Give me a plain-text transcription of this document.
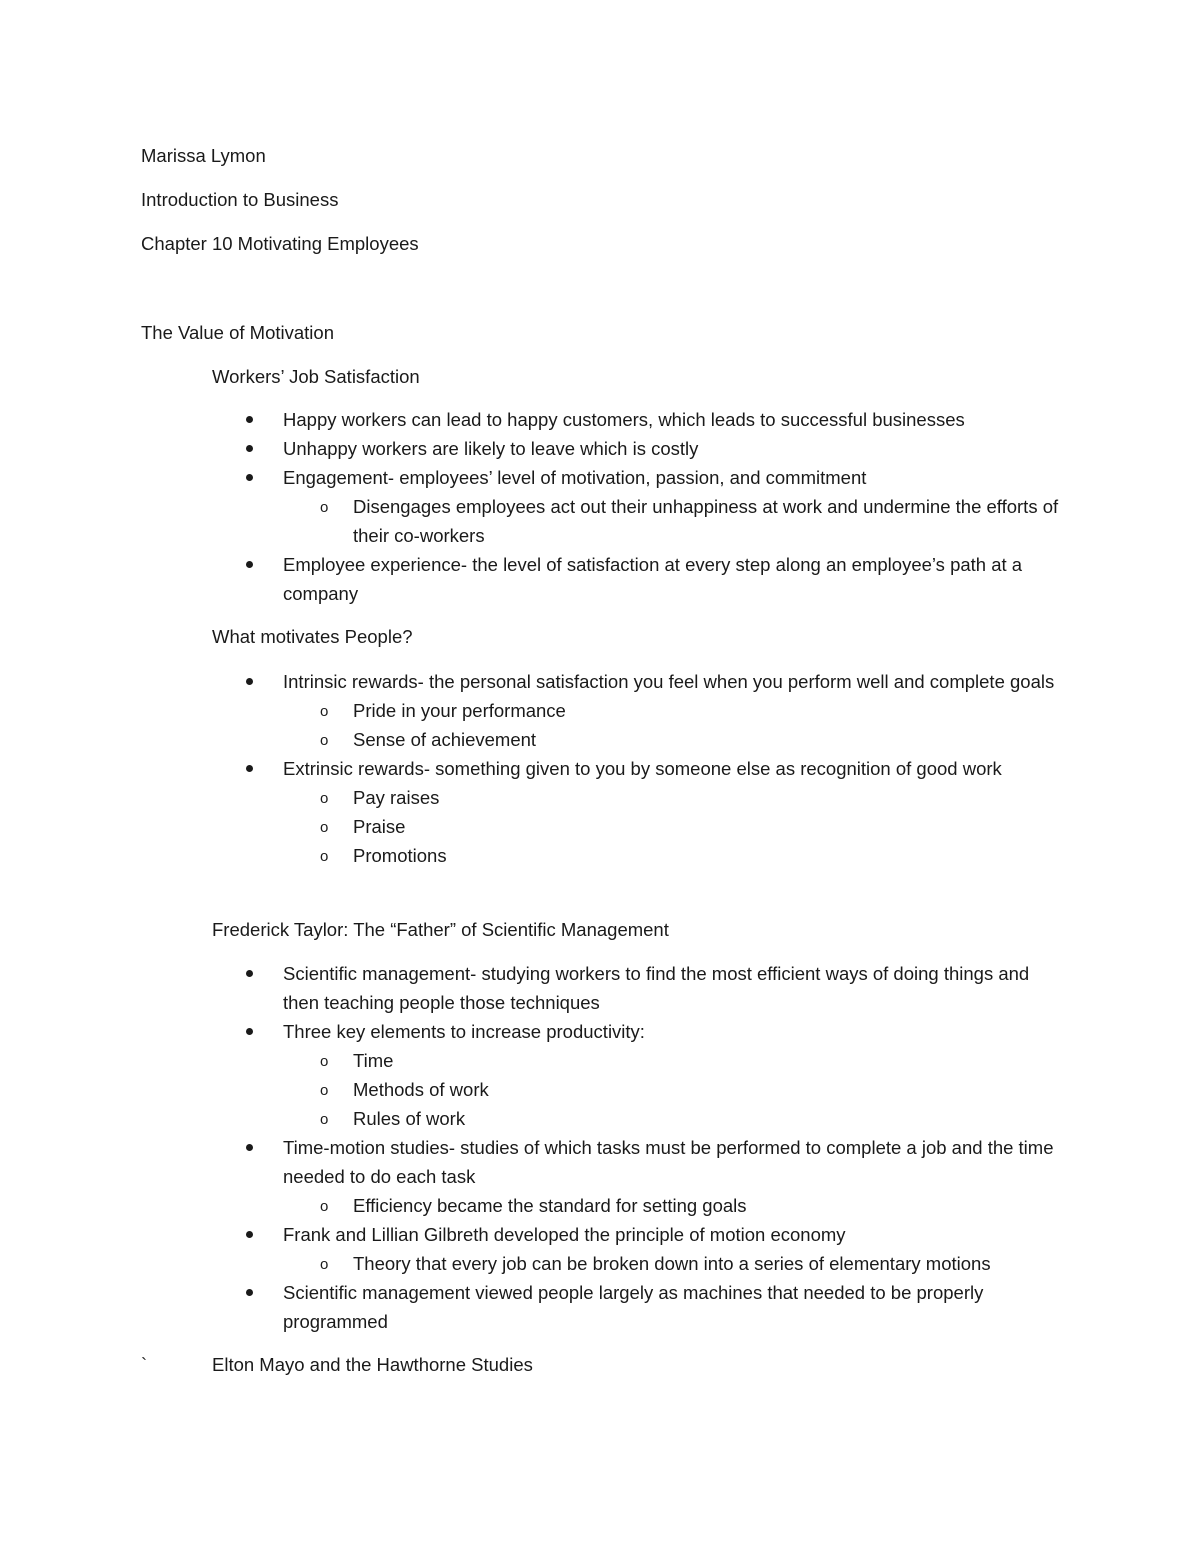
Marissa Lymon
Introduction to Business
Chapter 10 Motivating Employees
The Value of Motivation
Workers’ Job Satisfaction
Happy workers can lead to happy customers, which leads to successful businesses
Unhappy workers are likely to leave which is costly
Engagement- employees’ level of motivation, passion, and commitment
o Disengages employees act out their unhappiness at work and undermine the efforts of their co-workers
Employee experience- the level of satisfaction at every step along an employee’s path at a company
What motivates People?
Intrinsic rewards- the personal satisfaction you feel when you perform well and complete goals
o Pride in your performance
o Sense of achievement
Extrinsic rewards- something given to you by someone else as recognition of good work
o Pay raises
o Praise
o Promotions
Frederick Taylor: The “Father” of Scientific Management
Scientific management- studying workers to find the most efficient ways of doing things and then teaching people those techniques
Three key elements to increase productivity:
o Time
o Methods of work
o Rules of work
Time-motion studies- studies of which tasks must be performed to complete a job and the time needed to do each task
o Efficiency became the standard for setting goals
Frank and Lillian Gilbreth developed the principle of motion economy
o Theory that every job can be broken down into a series of elementary motions
Scientific management viewed people largely as machines that needed to be properly programmed
`	Elton Mayo and the Hawthorne Studies
